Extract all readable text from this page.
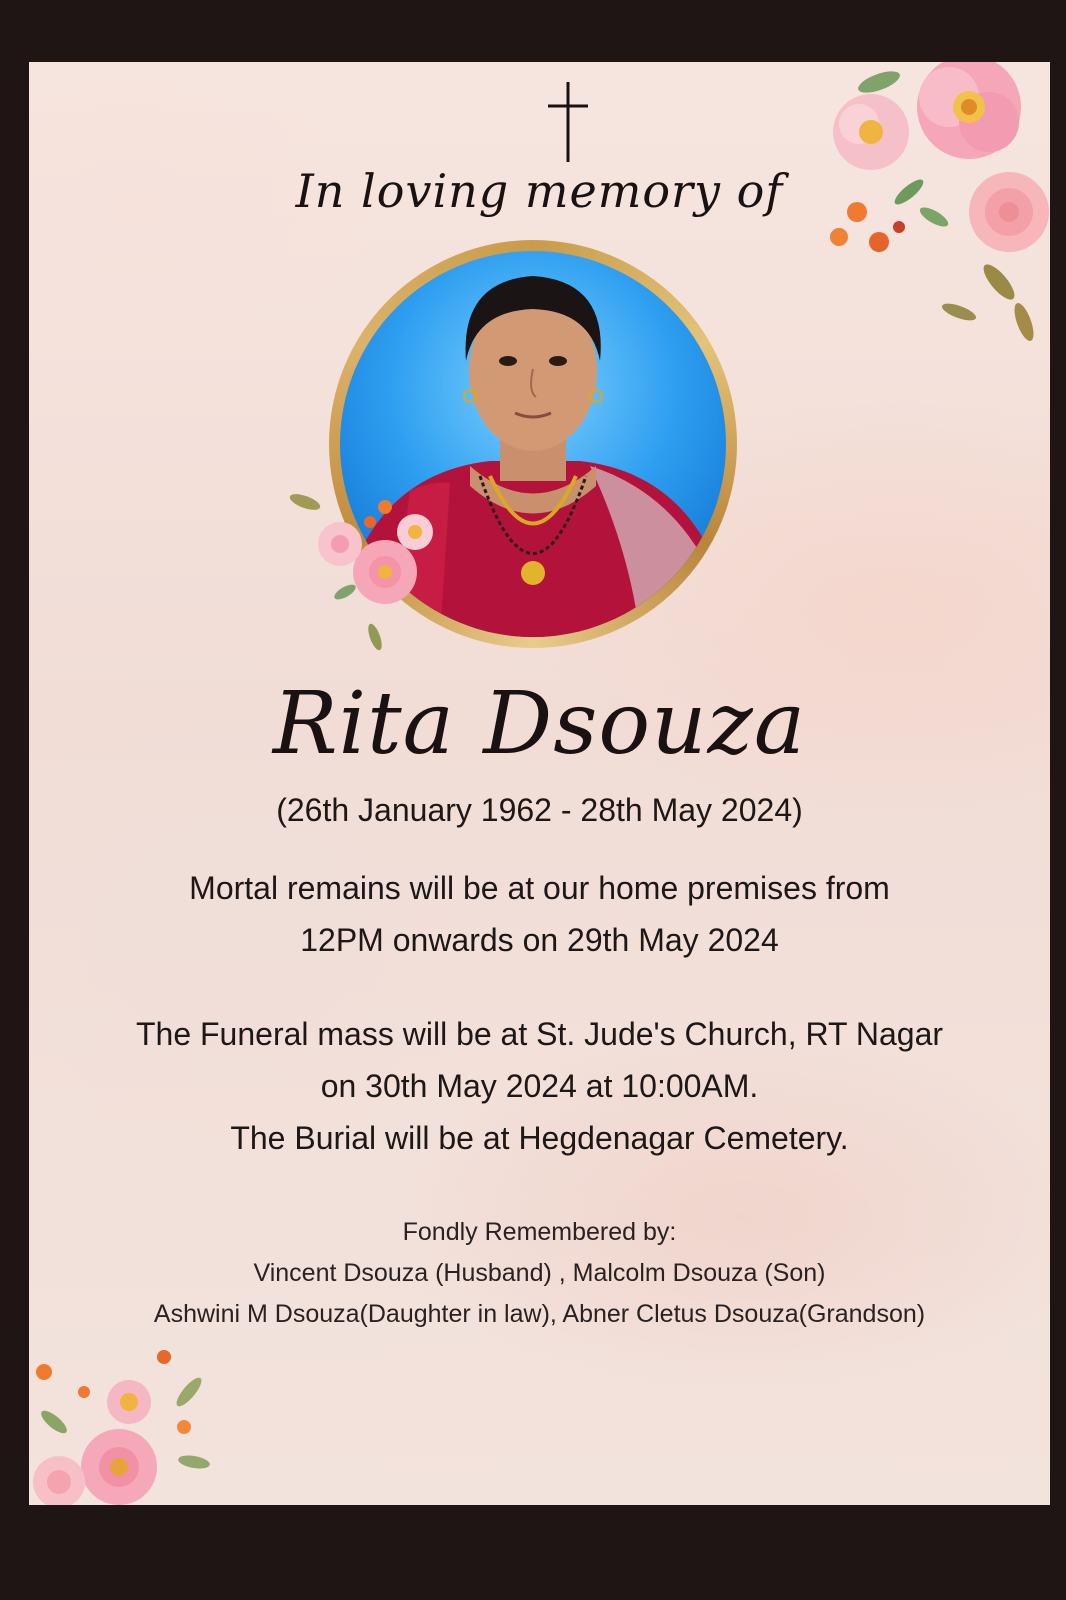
In loving memory of
Rita Dsouza
(26th January 1962 - 28th May 2024)
Mortal remains will be at our home premises from
12PM onwards on 29th May 2024
The Funeral mass will be at St. Jude's Church, RT Nagar
on 30th May 2024 at 10:00AM.
The Burial will be at Hegdenagar Cemetery.
Fondly Remembered by:
Vincent Dsouza (Husband) , Malcolm Dsouza (Son)
Ashwini M Dsouza(Daughter in law), Abner Cletus Dsouza(Grandson)
